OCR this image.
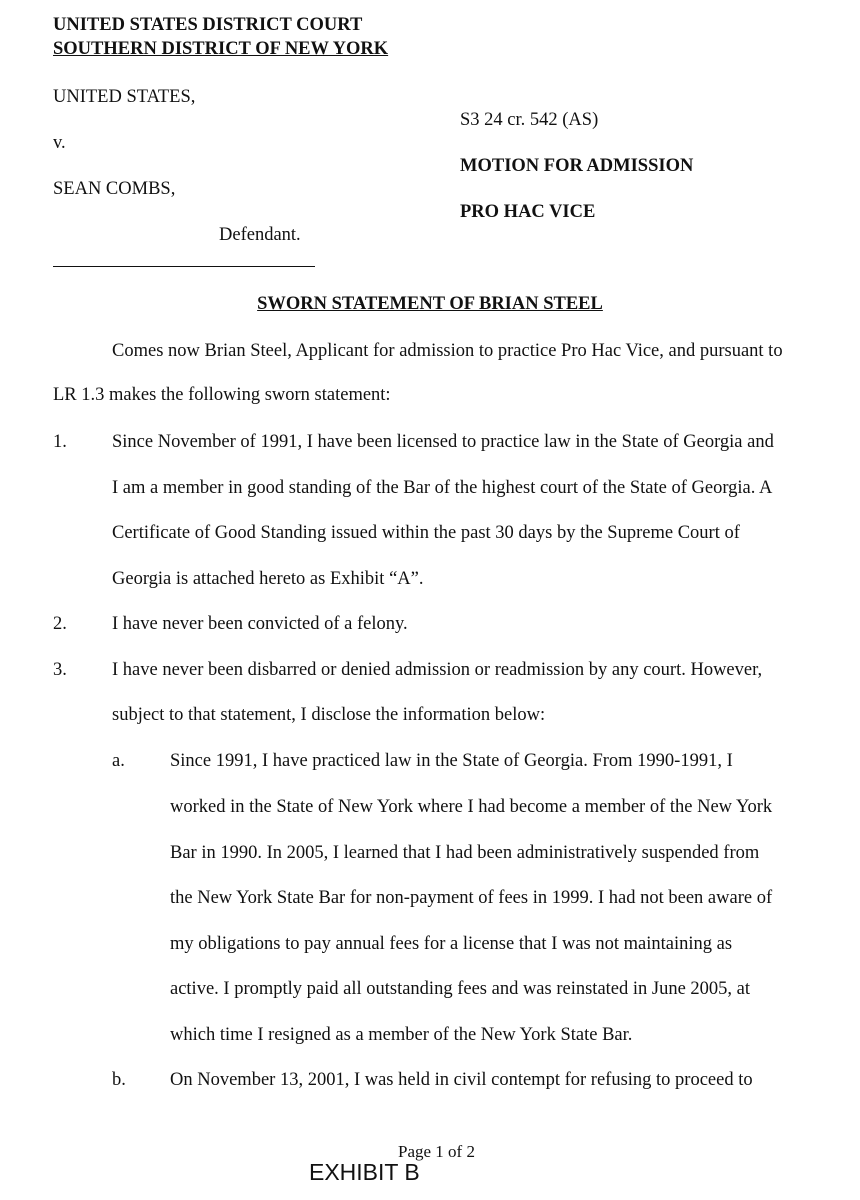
UNITED STATES DISTRICT COURT
SOUTHERN DISTRICT OF NEW YORK
UNITED STATES,
v.
SEAN COMBS,
Defendant.
S3 24 cr. 542 (AS)
MOTION FOR ADMISSION
PRO HAC VICE
SWORN STATEMENT OF BRIAN STEEL
Comes now Brian Steel, Applicant for admission to practice Pro Hac Vice, and pursuant to
LR 1.3 makes the following sworn statement:
1. Since November of 1991, I have been licensed to practice law in the State of Georgia and
I am a member in good standing of the Bar of the highest court of the State of Georgia. A
Certificate of Good Standing issued within the past 30 days by the Supreme Court of
Georgia is attached hereto as Exhibit “A”.
2. I have never been convicted of a felony.
3. I have never been disbarred or denied admission or readmission by any court. However,
subject to that statement, I disclose the information below:
a. Since 1991, I have practiced law in the State of Georgia. From 1990-1991, I
worked in the State of New York where I had become a member of the New York
Bar in 1990. In 2005, I learned that I had been administratively suspended from
the New York State Bar for non-payment of fees in 1999. I had not been aware of
my obligations to pay annual fees for a license that I was not maintaining as
active. I promptly paid all outstanding fees and was reinstated in June 2005, at
which time I resigned as a member of the New York State Bar.
b. On November 13, 2001, I was held in civil contempt for refusing to proceed to
Page 1 of 2
EXHIBIT B
